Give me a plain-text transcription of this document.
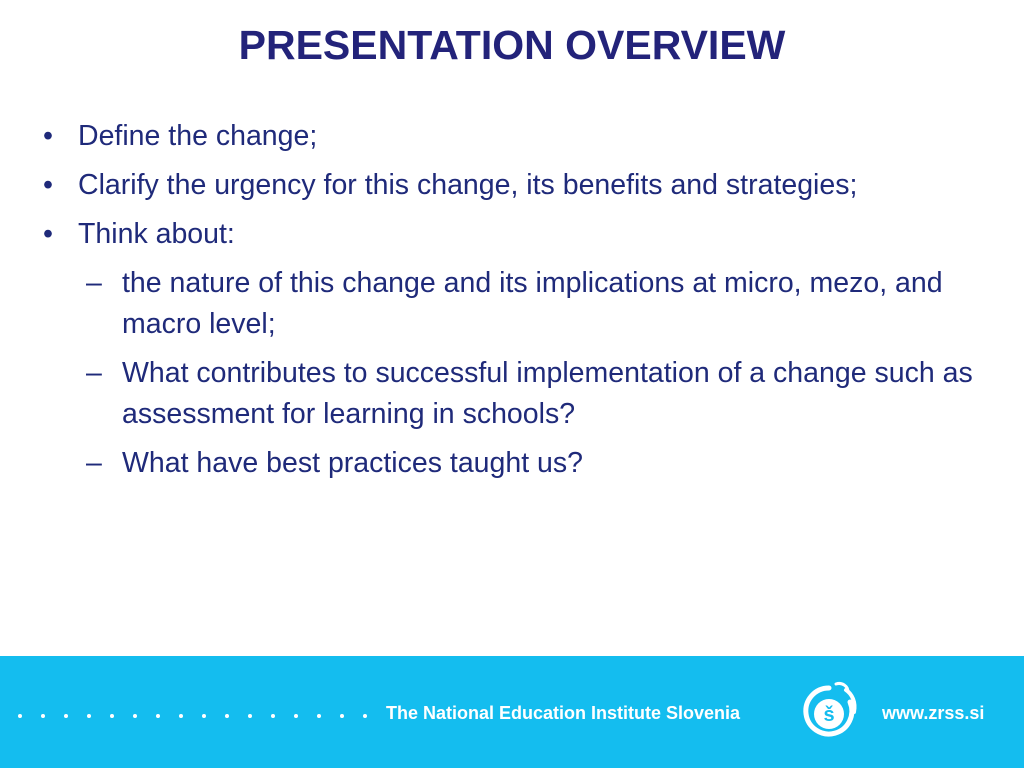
PRESENTATION OVERVIEW
• Define the change;
• Clarify the urgency for this change, its benefits and strategies;
• Think about:
– the nature of this change and its implications at micro, mezo, and macro level;
– What contributes to successful implementation of a change such as assessment for learning in schools?
– What have best practices taught us?
The National Education Institute Slovenia	š	www.zrss.si
